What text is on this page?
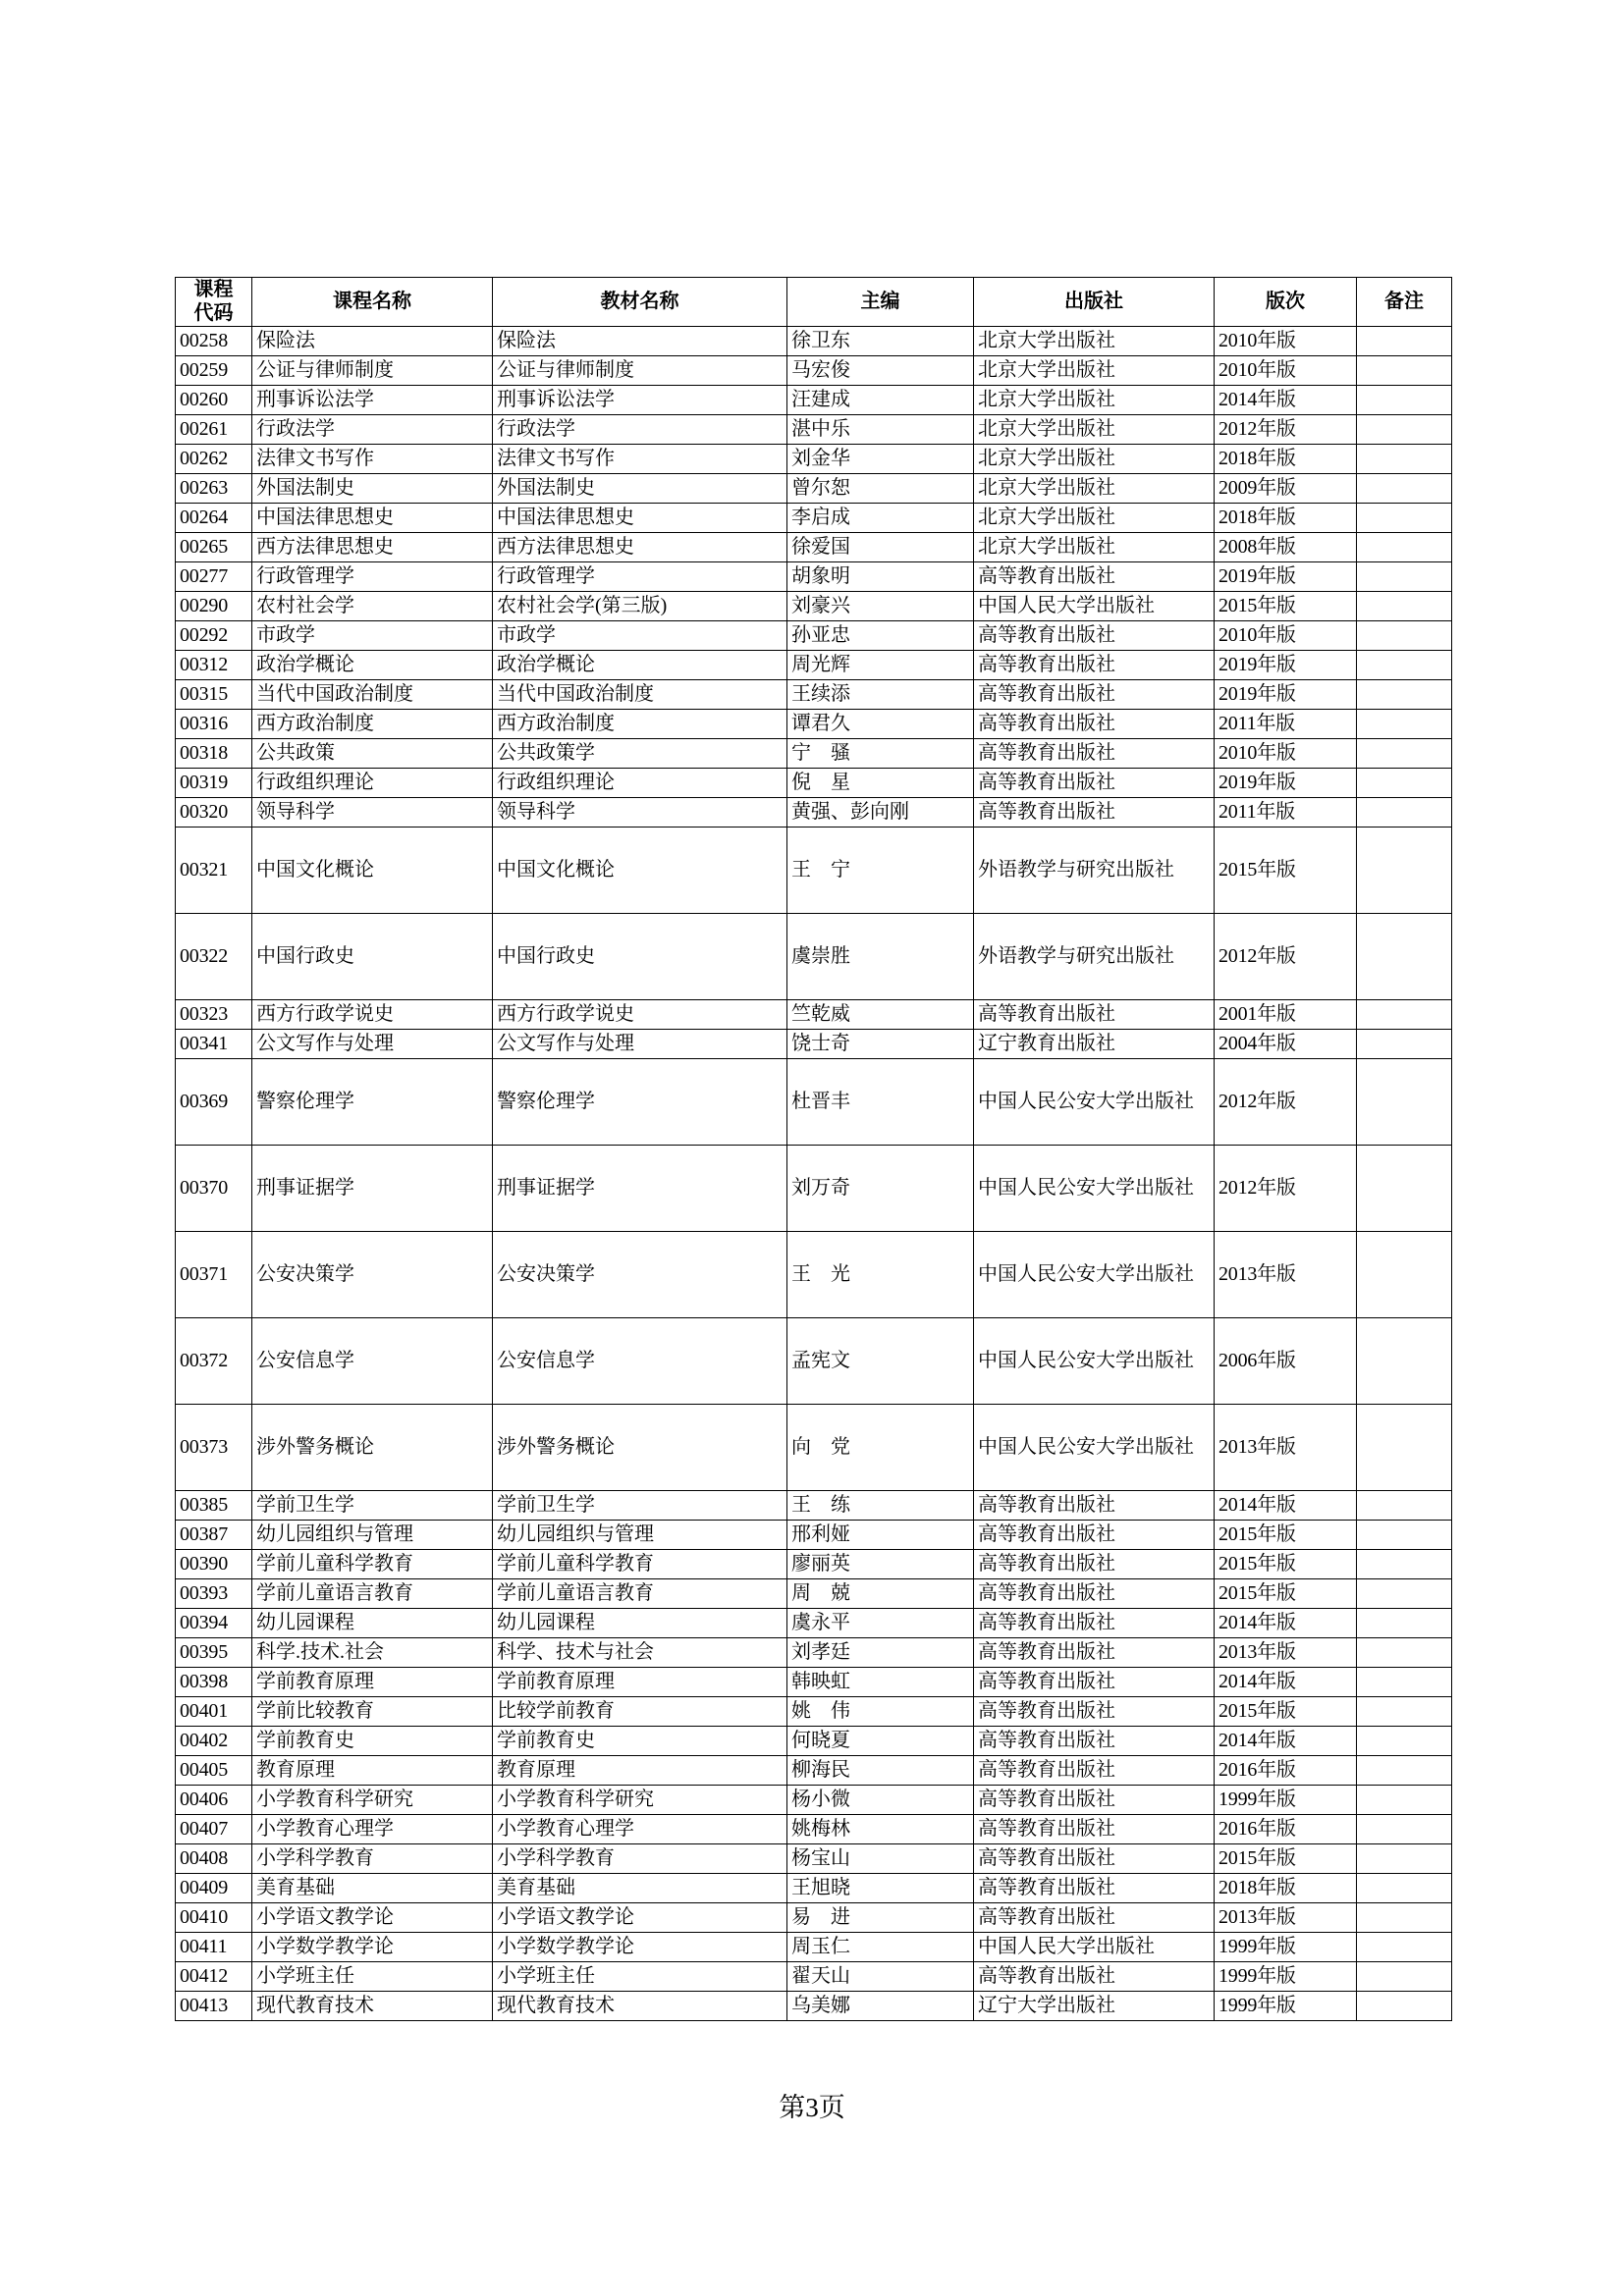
课程
代码	课程名称	教材名称	主编	出版社	版次	备注
00258	保险法	保险法	徐卫东	北京大学出版社	2010年版	
00259	公证与律师制度	公证与律师制度	马宏俊	北京大学出版社	2010年版	
00260	刑事诉讼法学	刑事诉讼法学	汪建成	北京大学出版社	2014年版	
00261	行政法学	行政法学	湛中乐	北京大学出版社	2012年版	
00262	法律文书写作	法律文书写作	刘金华	北京大学出版社	2018年版	
00263	外国法制史	外国法制史	曾尔恕	北京大学出版社	2009年版	
00264	中国法律思想史	中国法律思想史	李启成	北京大学出版社	2018年版	
00265	西方法律思想史	西方法律思想史	徐爱国	北京大学出版社	2008年版	
00277	行政管理学	行政管理学	胡象明	高等教育出版社	2019年版	
00290	农村社会学	农村社会学(第三版)	刘豪兴	中国人民大学出版社	2015年版	
00292	市政学	市政学	孙亚忠	高等教育出版社	2010年版	
00312	政治学概论	政治学概论	周光辉	高等教育出版社	2019年版	
00315	当代中国政治制度	当代中国政治制度	王续添	高等教育出版社	2019年版	
00316	西方政治制度	西方政治制度	谭君久	高等教育出版社	2011年版	
00318	公共政策	公共政策学	宁　骚	高等教育出版社	2010年版	
00319	行政组织理论	行政组织理论	倪　星	高等教育出版社	2019年版	
00320	领导科学	领导科学	黄强、彭向刚	高等教育出版社	2011年版	
00321	中国文化概论	中国文化概论	王　宁	外语教学与研究出版社	2015年版	
00322	中国行政史	中国行政史	虞崇胜	外语教学与研究出版社	2012年版	
00323	西方行政学说史	西方行政学说史	竺乾威	高等教育出版社	2001年版	
00341	公文写作与处理	公文写作与处理	饶士奇	辽宁教育出版社	2004年版	
00369	警察伦理学	警察伦理学	杜晋丰	中国人民公安大学出版社	2012年版	
00370	刑事证据学	刑事证据学	刘万奇	中国人民公安大学出版社	2012年版	
00371	公安决策学	公安决策学	王　光	中国人民公安大学出版社	2013年版	
00372	公安信息学	公安信息学	孟宪文	中国人民公安大学出版社	2006年版	
00373	涉外警务概论	涉外警务概论	向　党	中国人民公安大学出版社	2013年版	
00385	学前卫生学	学前卫生学	王　练	高等教育出版社	2014年版	
00387	幼儿园组织与管理	幼儿园组织与管理	邢利娅	高等教育出版社	2015年版	
00390	学前儿童科学教育	学前儿童科学教育	廖丽英	高等教育出版社	2015年版	
00393	学前儿童语言教育	学前儿童语言教育	周　兢	高等教育出版社	2015年版	
00394	幼儿园课程	幼儿园课程	虞永平	高等教育出版社	2014年版	
00395	科学.技术.社会	科学、技术与社会	刘孝廷	高等教育出版社	2013年版	
00398	学前教育原理	学前教育原理	韩映虹	高等教育出版社	2014年版	
00401	学前比较教育	比较学前教育	姚　伟	高等教育出版社	2015年版	
00402	学前教育史	学前教育史	何晓夏	高等教育出版社	2014年版	
00405	教育原理	教育原理	柳海民	高等教育出版社	2016年版	
00406	小学教育科学研究	小学教育科学研究	杨小微	高等教育出版社	1999年版	
00407	小学教育心理学	小学教育心理学	姚梅林	高等教育出版社	2016年版	
00408	小学科学教育	小学科学教育	杨宝山	高等教育出版社	2015年版	
00409	美育基础	美育基础	王旭晓	高等教育出版社	2018年版	
00410	小学语文教学论	小学语文教学论	易　进	高等教育出版社	2013年版	
00411	小学数学教学论	小学数学教学论	周玉仁	中国人民大学出版社	1999年版	
00412	小学班主任	小学班主任	翟天山	高等教育出版社	1999年版	
00413	现代教育技术	现代教育技术	乌美娜	辽宁大学出版社	1999年版	
第3页
